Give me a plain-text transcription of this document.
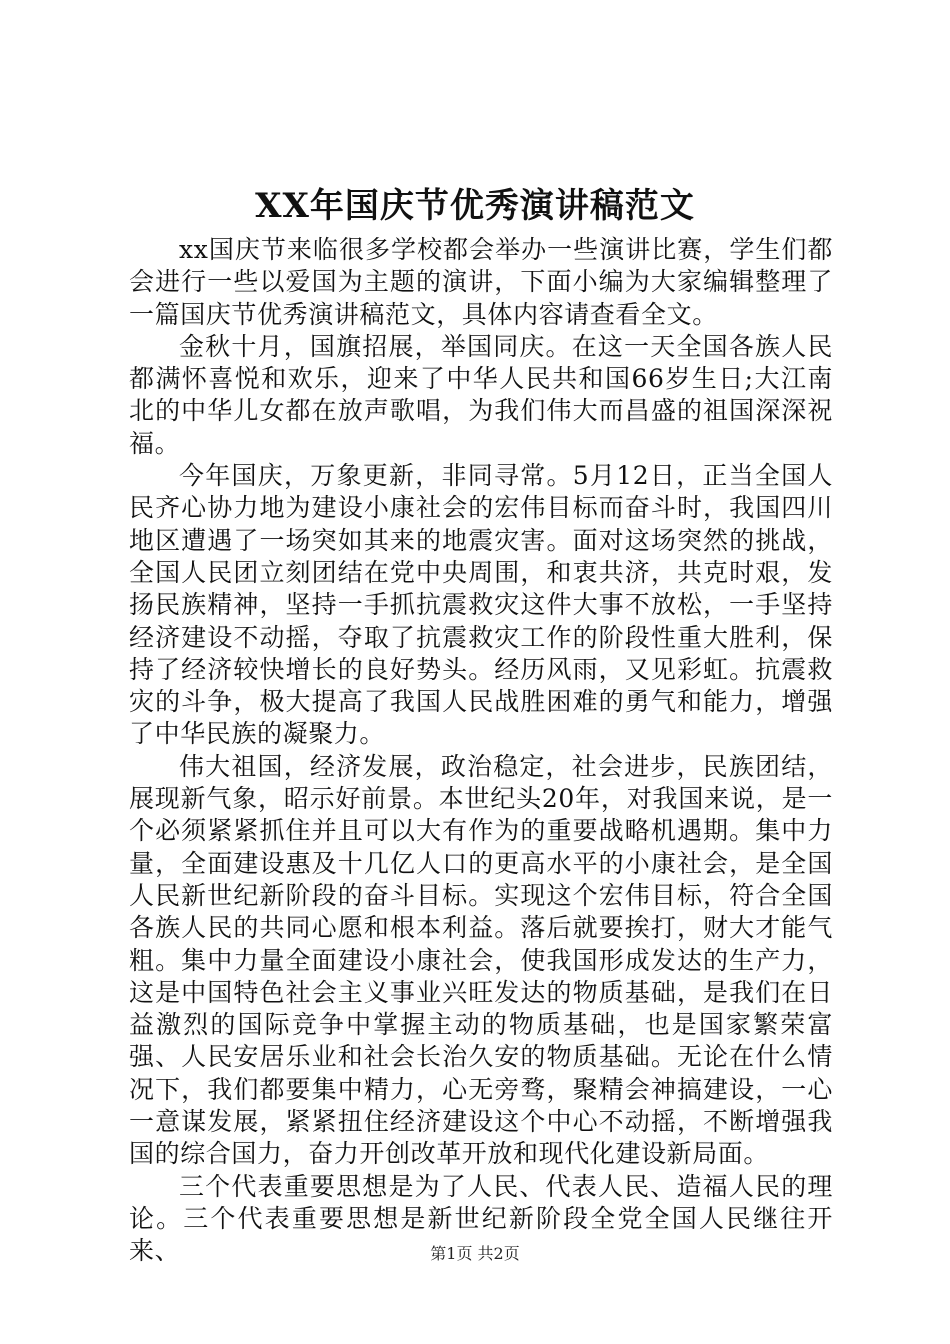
XX年国庆节优秀演讲稿范文

xx国庆节来临很多学校都会举办一些演讲比赛，学生们都会进行一些以爱国为主题的演讲，下面小编为大家编辑整理了一篇国庆节优秀演讲稿范文，具体内容请查看全文。

金秋十月，国旗招展，举国同庆。在这一天全国各族人民都满怀喜悦和欢乐，迎来了中华人民共和国66岁生日;大江南北的中华儿女都在放声歌唱，为我们伟大而昌盛的祖国深深祝福。

今年国庆，万象更新，非同寻常。5月12日，正当全国人民齐心协力地为建设小康社会的宏伟目标而奋斗时，我国四川地区遭遇了一场突如其来的地震灾害。面对这场突然的挑战，全国人民团立刻团结在党中央周围，和衷共济，共克时艰，发扬民族精神，坚持一手抓抗震救灾这件大事不放松，一手坚持经济建设不动摇，夺取了抗震救灾工作的阶段性重大胜利，保持了经济较快增长的良好势头。经历风雨，又见彩虹。抗震救灾的斗争，极大提高了我国人民战胜困难的勇气和能力，增强了中华民族的凝聚力。

伟大祖国，经济发展，政治稳定，社会进步，民族团结，展现新气象，昭示好前景。本世纪头20年，对我国来说，是一个必须紧紧抓住并且可以大有作为的重要战略机遇期。集中力量，全面建设惠及十几亿人口的更高水平的小康社会，是全国人民新世纪新阶段的奋斗目标。实现这个宏伟目标，符合全国各族人民的共同心愿和根本利益。落后就要挨打，财大才能气粗。集中力量全面建设小康社会，使我国形成发达的生产力，这是中国特色社会主义事业兴旺发达的物质基础，是我们在日益激烈的国际竞争中掌握主动的物质基础，也是国家繁荣富强、人民安居乐业和社会长治久安的物质基础。无论在什么情况下，我们都要集中精力，心无旁骛，聚精会神搞建设，一心一意谋发展，紧紧扭住经济建设这个中心不动摇，不断增强我国的综合国力，奋力开创改革开放和现代化建设新局面。

三个代表重要思想是为了人民、代表人民、造福人民的理论。三个代表重要思想是新世纪新阶段全党全国人民继往开来、	第1页 共2页
